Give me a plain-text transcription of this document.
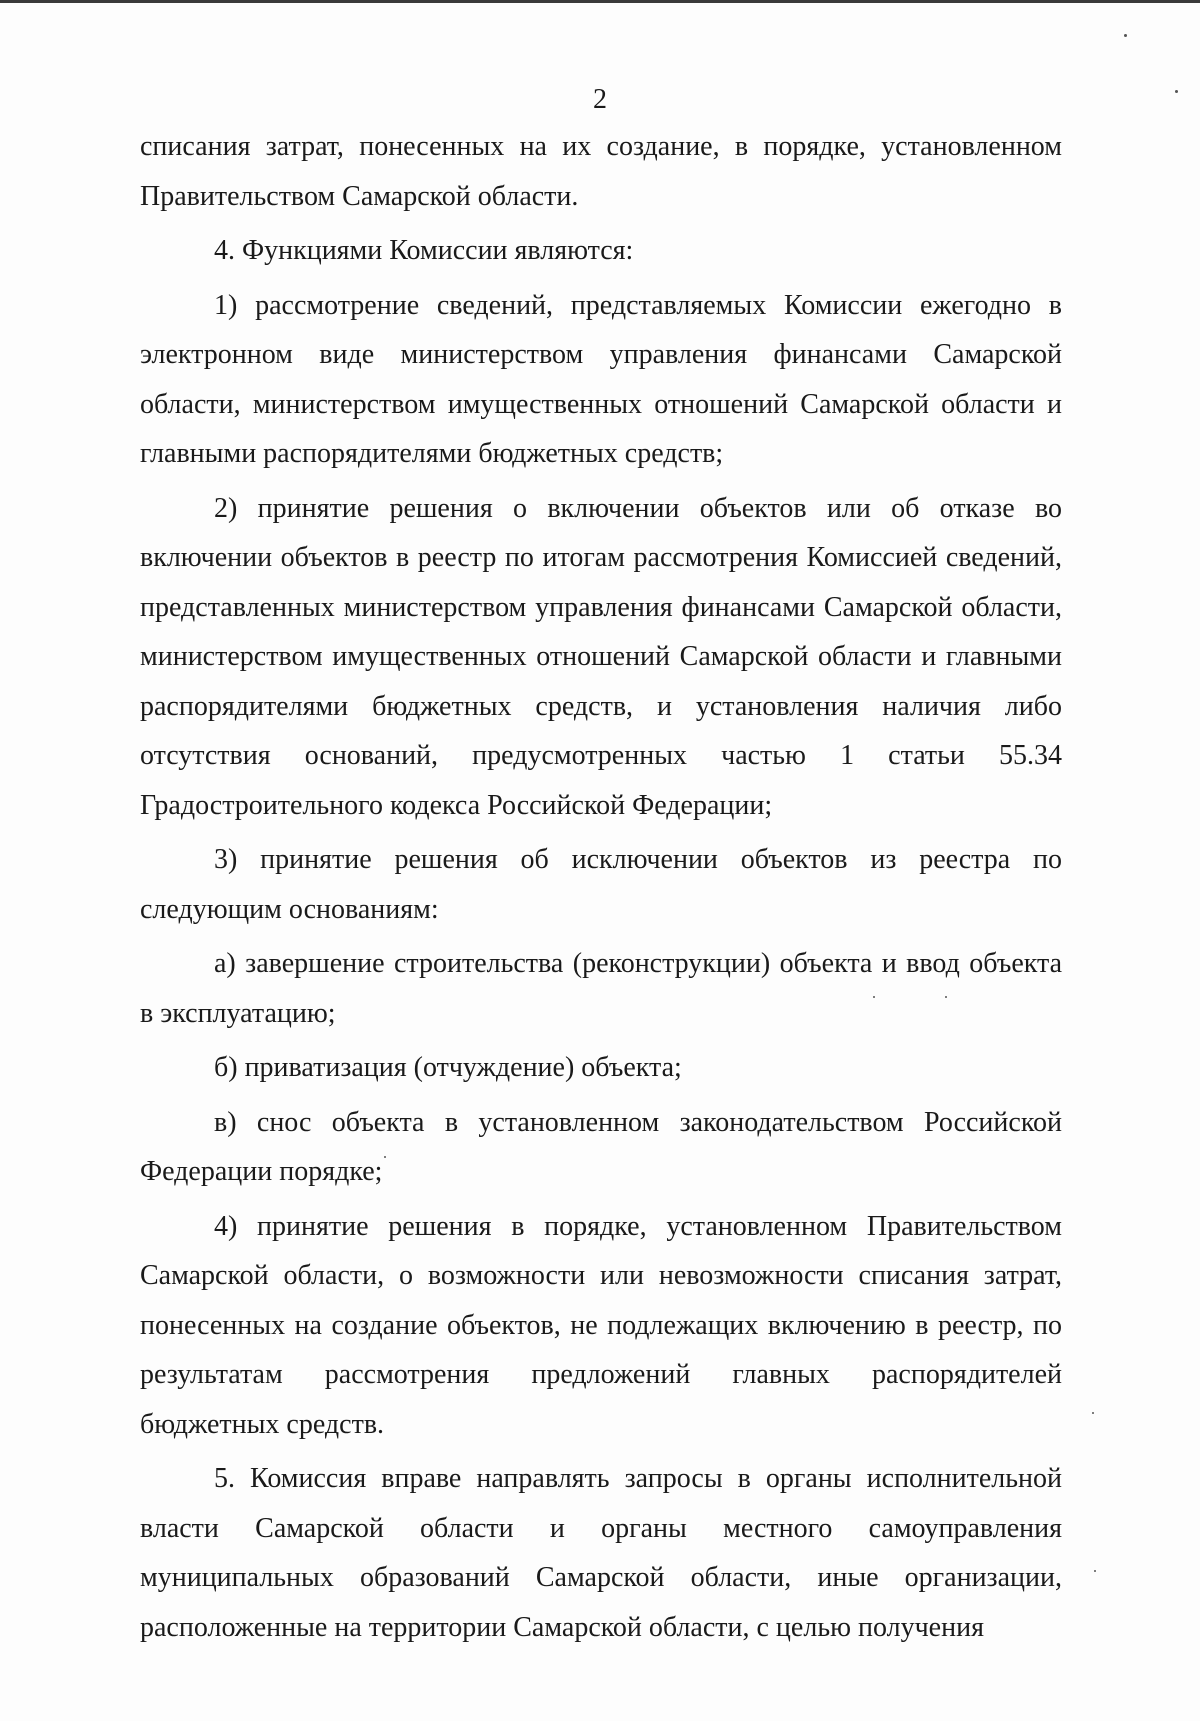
2

списания затрат, понесенных на их создание, в порядке, установленном Правительством Самарской области.

4. Функциями Комиссии являются:

1) рассмотрение сведений, представляемых Комиссии ежегодно в электронном виде министерством управления финансами Самарской области, министерством имущественных отношений Самарской области и главными распорядителями бюджетных средств;

2) принятие решения о включении объектов или об отказе во включении объектов в реестр по итогам рассмотрения Комиссией сведений, представленных министерством управления финансами Самарской области, министерством имущественных отношений Самарской области и главными распорядителями бюджетных средств, и установления наличия либо отсутствия оснований, предусмотренных частью 1 статьи 55.34 Градостроительного кодекса Российской Федерации;

3) принятие решения об исключении объектов из реестра по следующим основаниям:

а) завершение строительства (реконструкции) объекта и ввод объекта в эксплуатацию;

б) приватизация (отчуждение) объекта;

в) снос объекта в установленном законодательством Российской Федерации порядке;

4) принятие решения в порядке, установленном Правительством Самарской области, о возможности или невозможности списания затрат, понесенных на создание объектов, не подлежащих включению в реестр, по результатам рассмотрения предложений главных распорядителей бюджетных средств.

5. Комиссия вправе направлять запросы в органы исполнительной власти Самарской области и органы местного самоуправления муниципальных образований Самарской области, иные организации, расположенные на территории Самарской области, с целью получения
